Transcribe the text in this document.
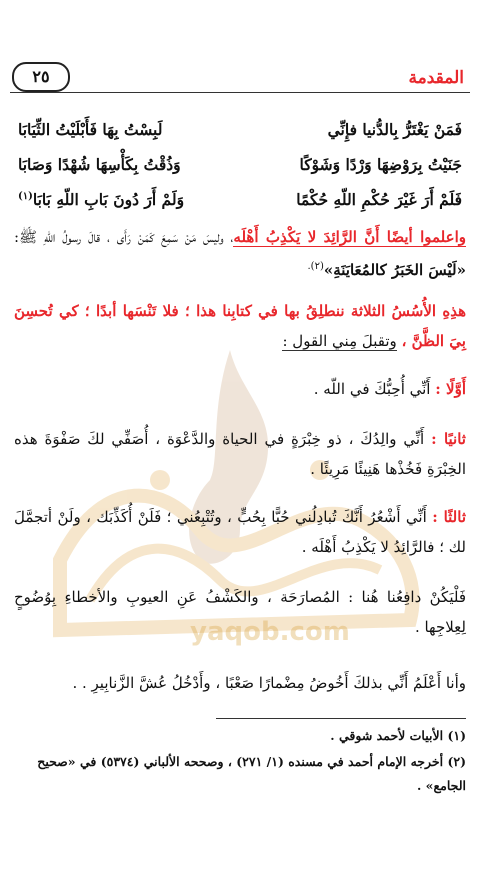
yaqob.com
المقدمة
٢٥
فَمَنْ يَغْتَرُّ بِالدُّنيا فإِنِّي
لَبِسْتُ بِهَا فَأَبْلَيْتُ الثِّيَابَا
جَنَيْتُ بِرَوْضِهَا وَرْدًا وَشَوْكًا
وَذُقْتُ بِكَأْسِهَا شُهْدًا وَصَابَا
فَلَمْ أَرَ غَيْرَ حُكْمِ اللّهِ حُكْمًا
وَلَمْ أَرَ دُونَ بَابِ اللّهِ بَابَا$^{(١)}$
واعلموا أيضًا أَنَّ الرَّائِدَ لا يَكْذِبُ أَهْلَه، وليسَ مَنْ سَمِعَ كَمَنْ رَأَى ، قالَ رسولُ اللّهِ ﷺ: «لَيْسَ الخَبَرُ كالمُعَايَنَةِ»$^{(٢).}$
هذِهِ الأُسُسُ الثلاثة ننطلِقُ بها في كتابِنا هذا ؛ فلا تَنْسَها أبدًا ؛ كي تُحسِنَ بِيَ الظَّنَّ ، وتقبلَ مِني القول :
أَوَّلًا : أَنِّي أُحِبُّكَ في اللّه .
ثانيًا : أَنِّي والِدُكَ ، ذو خِبْرَةٍ في الحياة والدَّعْوَة ، أُصَفِّي لكَ صَفْوَةَ هذه الخِبْرَةِ فَخُذْها هَنِيئًا مَرِيئًا .
ثالثًا : أَنِّي أَشْعُرُ أَنَّكَ تُبادِلُني حُبًّا بِحُبٍّ ، وتُتْبِعُني ؛ فَلَنْ أُكَذِّبَك ، ولَنْ أتجمَّلَ لك ؛ فالرَّائِدُ لا يَكْذِبُ أَهْلَه .
فَلْيَكُنْ دافِعُنا هُنا : المُصارَحَة ، والكَشْفُ عَنِ العيوبِ والأخطاءِ بِوُضُوحٍ لِعِلاجِها .
وأنا أَعْلَمُ أَنِّي بذلكَ أَخُوضُ مِضْمارًا صَعْبًا ، وأَدْخُلُ عُشَّ الزَّنابِيرِ . .
(١) الأبيات لأحمد شوقي .
(٢) أخرجه الإمام أحمد في مسنده (١/ ٢٧١) ، وصححه الألباني (٥٣٧٤) في «صحيح الجامع» .
